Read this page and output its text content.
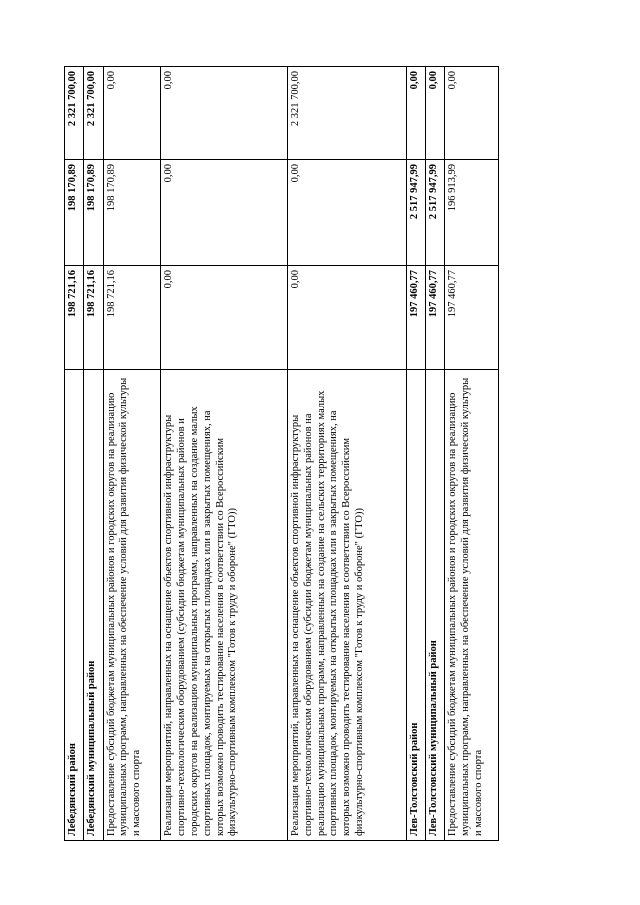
Лебедянский район	198 721,16	198 170,89	2 321 700,00
Лебедянский муниципальный район	198 721,16	198 170,89	2 321 700,00
Предоставление субсидий бюджетам муниципальных районов и городских округов на реализацию муниципальных программ, направленных на обеспечение условий для развития физической культуры и массового спорта	198 721,16	198 170,89	0,00
Реализация мероприятий, направленных на оснащение объектов спортивной инфраструктуры спортивно-технологическим оборудованием (субсидии бюджетам муниципальных районов и городских округов на реализацию муниципальных программ, направленных на создание малых спортивных площадок, монтируемых на открытых площадках или в закрытых помещениях, на которых возможно проводить тестирование населения в соответствии со Всероссийским физкультурно-спортивным комплексом "Готов к труду и обороне" (ГТО))	0,00	0,00	0,00
Реализация мероприятий, направленных на оснащение объектов спортивной инфраструктуры спортивно-технологическим оборудованием (субсидии бюджетам муниципальных районов на реализацию муниципальных программ, направленных на создание на сельских территориях малых спортивных площадок, монтируемых на открытых площадках или в закрытых помещениях, на которых возможно проводить тестирование населения в соответствии со Всероссийским физкультурно-спортивным комплексом "Готов к труду и обороне" (ГТО))	0,00	0,00	2 321 700,00
Лев-Толстовский район	197 460,77	2 517 947,99	0,00
Лев-Толстовский муниципальный район	197 460,77	2 517 947,99	0,00
Предоставление субсидий бюджетам муниципальных районов и городских округов на реализацию муниципальных программ, направленных на обеспечение условий для развития физической культуры и массового спорта	197 460,77	196 913,99	0,00
